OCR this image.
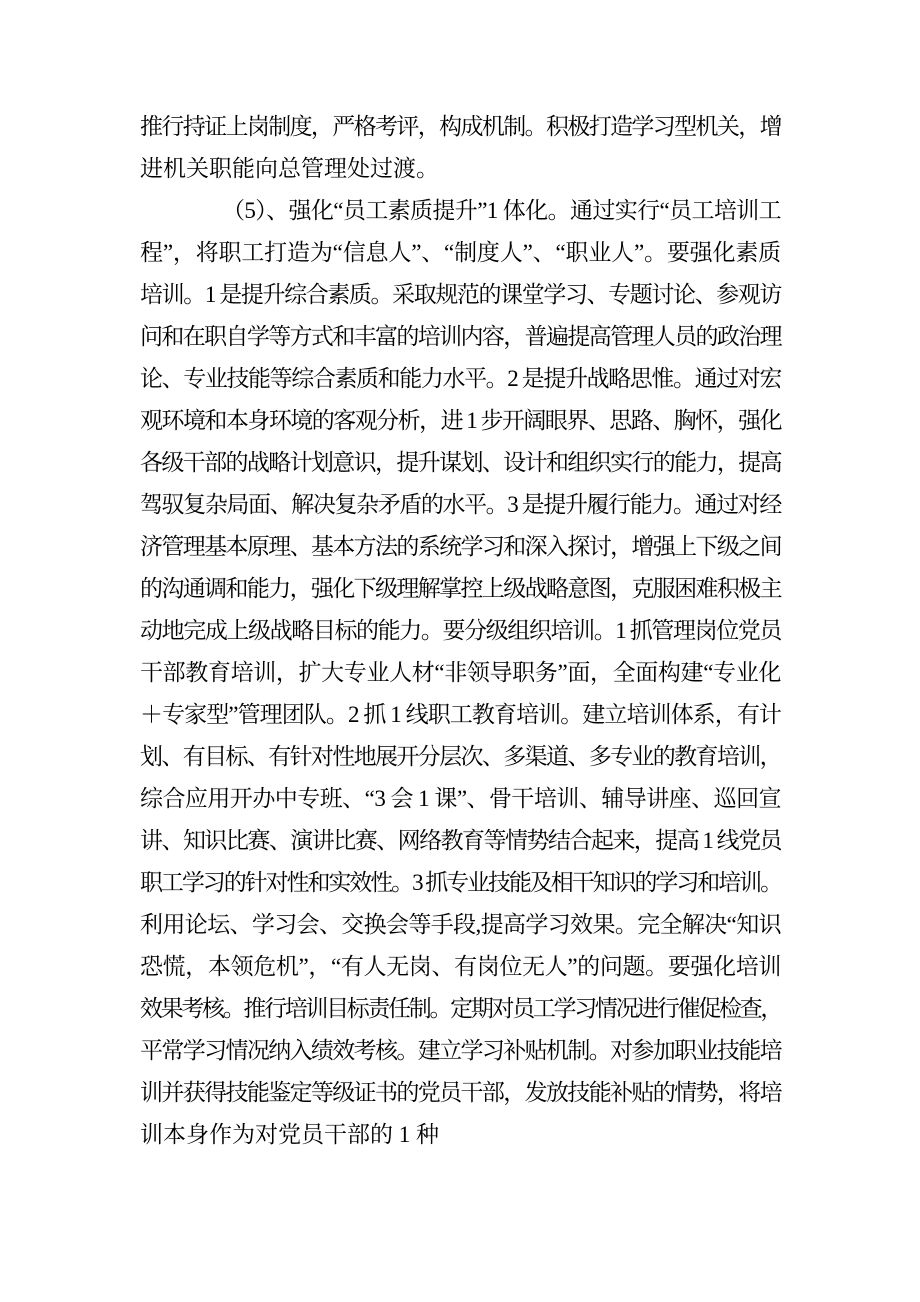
推行持证上岗制度，严格考评，构成机制。积极打造学习型机关，增
进机关职能向总管理处过渡。
（5）、强化“员工素质提升”1 体化。通过实行“员工培训工
程”，将职工打造为“信息人”、“制度人”、“职业人”。要强化素质
培训。1 是提升综合素质。采取规范的课堂学习、专题讨论、参观访
问和在职自学等方式和丰富的培训内容，普遍提高管理人员的政治理
论、专业技能等综合素质和能力水平。2 是提升战略思惟。通过对宏
观环境和本身环境的客观分析，进 1 步开阔眼界、思路、胸怀，强化
各级干部的战略计划意识，提升谋划、设计和组织实行的能力，提高
驾驭复杂局面、解决复杂矛盾的水平。3 是提升履行能力。通过对经
济管理基本原理、基本方法的系统学习和深入探讨，增强上下级之间
的沟通调和能力，强化下级理解掌控上级战略意图，克服困难积极主
动地完成上级战略目标的能力。要分级组织培训。1 抓管理岗位党员
干部教育培训，扩大专业人材“非领导职务”面，全面构建“专业化
＋专家型”管理团队。2 抓 1 线职工教育培训。建立培训体系，有计
划、有目标、有针对性地展开分层次、多渠道、多专业的教育培训，
综合应用开办中专班、“3 会 1 课”、骨干培训、辅导讲座、巡回宣
讲、知识比赛、演讲比赛、网络教育等情势结合起来，提高 1 线党员
职工学习的针对性和实效性。3 抓专业技能及相干知识的学习和培训。
利用论坛、学习会、交换会等手段,提高学习效果。完全解决“知识
恐慌，本领危机”，“有人无岗、有岗位无人”的问题。要强化培训
效果考核。推行培训目标责任制。定期对员工学习情况进行催促检查，
平常学习情况纳入绩效考核。建立学习补贴机制。对参加职业技能培
训并获得技能鉴定等级证书的党员干部，发放技能补贴的情势，将培
训本身作为对党员干部的 1 种
